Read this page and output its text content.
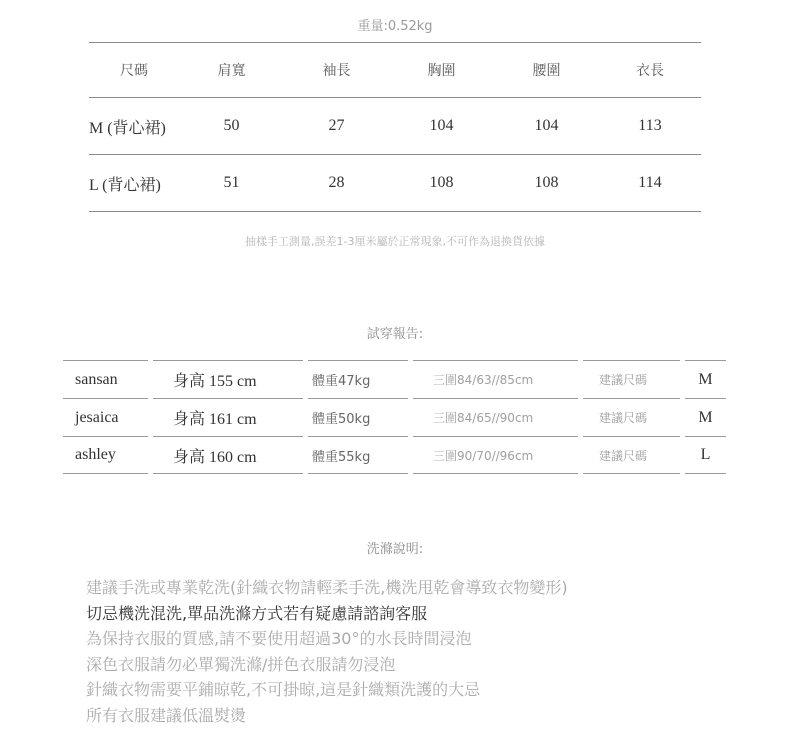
重量:0.52kg
尺碼	肩寬	袖長	胸圍	腰圍	衣長
M (背心裙)	50	27	104	104	113
L (背心裙)	51	28	108	108	114
抽樣手工測量,誤差1-3厘米屬於正常現象,不可作為退換貨依據
試穿報告:
sansan	身高 155 cm	體重47kg	三圍84/63//85cm	建議尺碼	M
jesaica	身高 161 cm	體重50kg	三圍84/65//90cm	建議尺碼	M
ashley	身高 160 cm	體重55kg	三圍90/70//96cm	建議尺碼	L
洗滌說明:
建議手洗或專業乾洗(針織衣物請輕柔手洗,機洗甩乾會導致衣物變形)
切忌機洗混洗,單品洗滌方式若有疑慮請諮詢客服
為保持衣服的質感,請不要使用超過30°的水長時間浸泡
深色衣服請勿必單獨洗滌/拼色衣服請勿浸泡
針織衣物需要平鋪晾乾,不可掛晾,這是針織類洗護的大忌
所有衣服建議低溫熨燙
